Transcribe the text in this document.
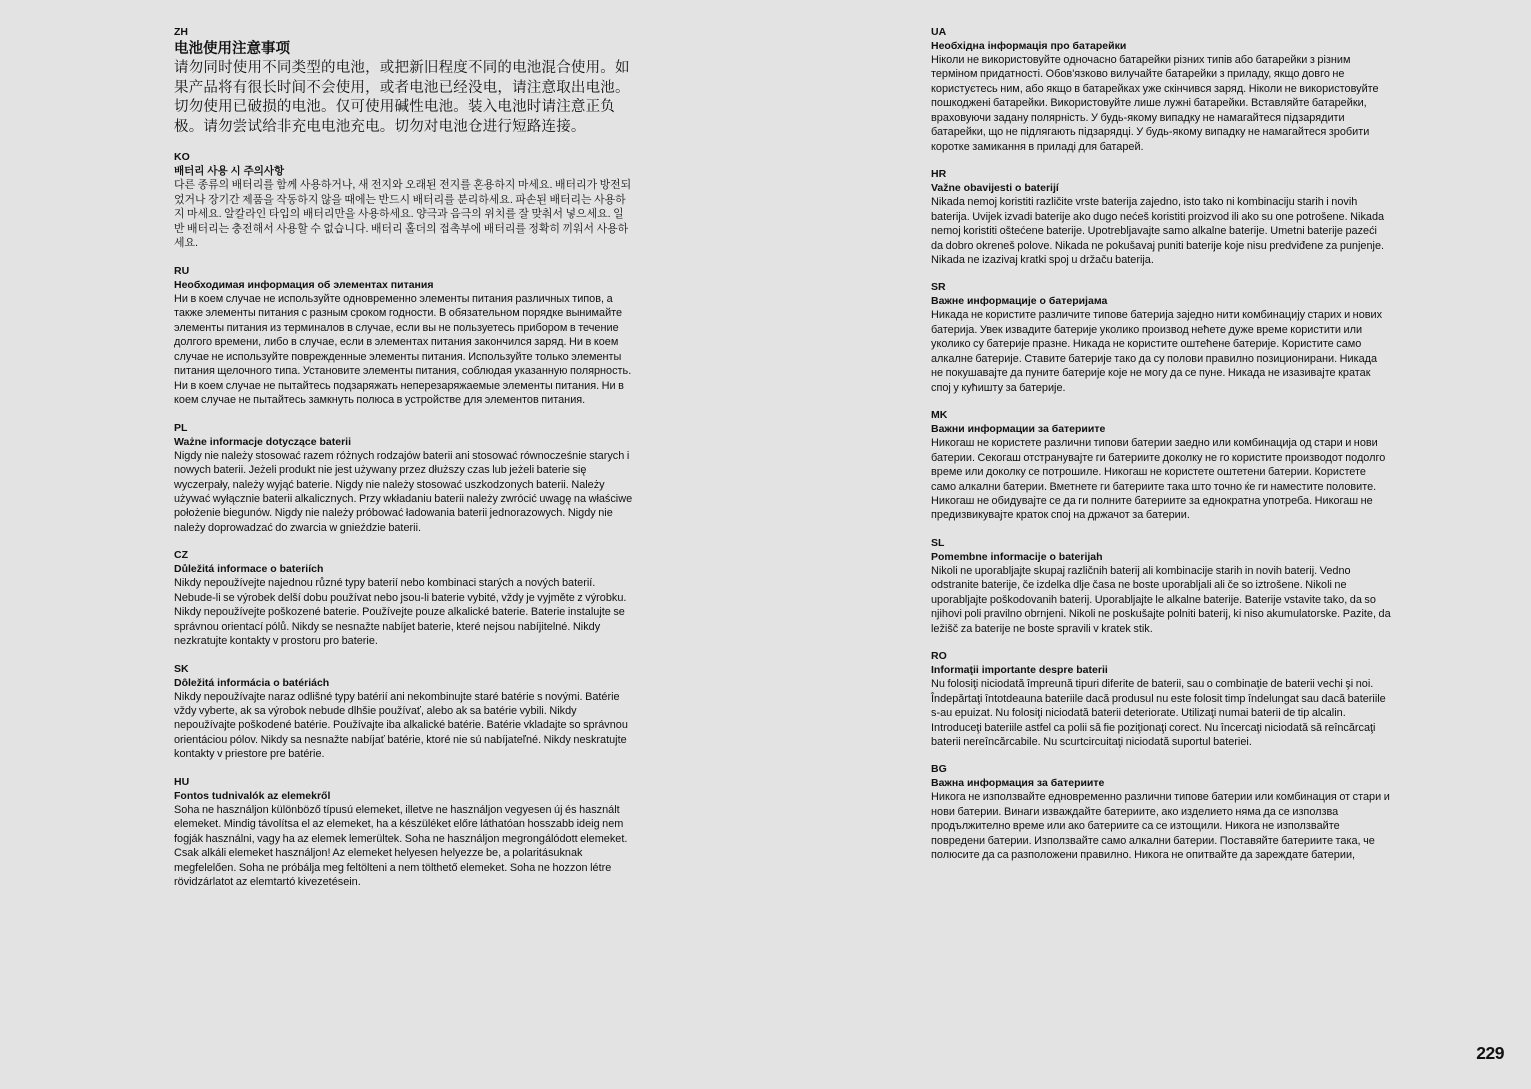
ZH

电池使用注意事项

请勿同时使用不同类型的电池，或把新旧程度不同的电池混合使用。如果产品将有很长时间不会使用，或者电池已经没电，请注意取出电池。切勿使用已破损的电池。仅可使用碱性电池。装入电池时请注意正负极。请勿尝试给非充电电池充电。切勿对电池仓进行短路连接。

KO

배터리 사용 시 주의사항

다른 종류의 배터리를 함께 사용하거나, 새 전지와 오래된 전지를 혼용하지 마세요. 배터리가 방전되었거나 장기간 제품을 작동하지 않을 때에는 반드시 배터리를 분리하세요. 파손된 배터리는 사용하지 마세요. 알칼라인 타입의 배터리만을 사용하세요. 양극과 음극의 위치를 잘 맞춰서 넣으세요. 일반 배터리는 충전해서 사용할 수 없습니다. 배터리 홀더의 접촉부에 배터리를 정확히 끼워서 사용하세요.

RU

Необходимая информация об элементах питания

Ни в коем случае не используйте одновременно элементы питания различных типов, а также элементы питания с разным сроком годности. В обязательном порядке вынимайте элементы питания из терминалов в случае, если вы не пользуетесь прибором в течение долгого времени, либо в случае, если в элементах питания закончился заряд. Ни в коем случае не используйте поврежденные элементы питания. Используйте только элементы питания щелочного типа. Установите элементы питания, соблюдая указанную полярность. Ни в коем случае не пытайтесь подзаряжать неперезаряжаемые элементы питания. Ни в коем случае не пытайтесь замкнуть полюса в устройстве для элементов питания.

PL

Ważne informacje dotyczące baterii

Nigdy nie należy stosować razem różnych rodzajów baterii ani stosować równocześnie starych i nowych baterii. Jeżeli produkt nie jest używany przez dłuższy czas lub jeżeli baterie się wyczerpały, należy wyjąć baterie. Nigdy nie należy stosować uszkodzonych baterii. Należy używać wyłącznie baterii alkalicznych. Przy wkładaniu baterii należy zwrócić uwagę na właściwe położenie biegunów. Nigdy nie należy próbować ładowania baterii jednorazowych. Nigdy nie należy doprowadzać do zwarcia w gnieździe baterii.

CZ

Důležitá informace o bateriích

Nikdy nepoužívejte najednou různé typy baterií nebo kombinaci starých a nových baterií. Nebude-li se výrobek delší dobu používat nebo jsou-li baterie vybité, vždy je vyjměte z výrobku. Nikdy nepoužívejte poškozené baterie. Používejte pouze alkalické baterie. Baterie instalujte se správnou orientací pólů. Nikdy se nesnažte nabíjet baterie, které nejsou nabíjitelné. Nikdy nezkratujte kontakty v prostoru pro baterie.

SK

Dôležitá informácia o batériách

Nikdy nepoužívajte naraz odlišné typy batérií ani nekombinujte staré batérie s novými. Batérie vždy vyberte, ak sa výrobok nebude dlhšie používať, alebo ak sa batérie vybili. Nikdy nepoužívajte poškodené batérie. Používajte iba alkalické batérie. Batérie vkladajte so správnou orientáciou pólov. Nikdy sa nesnažte nabíjať batérie, ktoré nie sú nabíjateľné. Nikdy neskratujte kontakty v priestore pre batérie.

HU

Fontos tudnivalók az elemekről

Soha ne használjon különböző típusú elemeket, illetve ne használjon vegyesen új és használt elemeket. Mindig távolítsa el az elemeket, ha a készüléket előre láthatóan hosszabb ideig nem fogják használni, vagy ha az elemek lemerültek. Soha ne használjon megrongálódott elemeket. Csak alkáli elemeket használjon! Az elemeket helyesen helyezze be, a polaritásuknak megfelelően. Soha ne próbálja meg feltölteni a nem tölthető elemeket. Soha ne hozzon létre rövidzárlatot az elemtartó kivezetésein.

UA

Необхідна інформація про батарейки

Ніколи не використовуйте одночасно батарейки різних типів або батарейки з різним терміном придатності. Обов'язково вилучайте батарейки з приладу, якщо довго не користуєтесь ним, або якщо в батарейках уже скінчився заряд. Ніколи не використовуйте пошкоджені батарейки. Використовуйте лише лужні батарейки. Вставляйте батарейки, враховуючи задану полярність. У будь-якому випадку не намагайтеся підзарядити батарейки, що не підлягають підзарядці. У будь-якому випадку не намагайтеся зробити коротке замикання в приладі для батарей.

HR

Važne obavijesti o baterijí

Nikada nemoj koristiti različite vrste baterija zajedno, isto tako ni kombinaciju starih i novih baterija. Uvijek izvadi baterije ako dugo nećeš koristiti proizvod ili ako su one potrošene. Nikada nemoj koristiti oštećene baterije. Upotrebljavajte samo alkalne baterije. Umetni baterije pazeći da dobro okreneš polove. Nikada ne pokušavaj puniti baterije koje nisu predviđene za punjenje. Nikada ne izazivaj kratki spoj u držaču baterija.

SR

Важне информације о батеријама

Никада не користите различите типове батерија заједно нити комбинацију старих и нових батерија. Увек извадите батерије уколико производ нећете дуже време користити или уколико су батерије празне. Никада не користите оштећене батерије. Користите само алкалне батерије. Ставите батерије тако да су полови правилно позиционирани. Никада не покушавајте да пуните батерије које не могу да се пуне. Никада не изазивајте кратак спој у кућишту за батерије.

MK

Важни информации за батериите

Никогаш не користете различни типови батерии заедно или комбинација од стари и нови батерии. Секогаш отстранувајте ги батериите доколку не го користите производот подолго време или доколку се потрошиле. Никогаш не користете оштетени батерии. Користете само алкални батерии. Вметнете ги батериите така што точно ќе ги наместите половите. Никогаш не обидувајте се да ги полните батериите за еднократна употреба. Никогаш не предизвикувајте краток спој на држачот за батерии.

SL

Pomembne informacije o baterijah

Nikoli ne uporabljajte skupaj različnih baterij ali kombinacije starih in novih baterij. Vedno odstranite baterije, če izdelka dlje časa ne boste uporabljali ali če so iztrošene. Nikoli ne uporabljajte poškodovanih baterij. Uporabljajte le alkalne baterije. Baterije vstavite tako, da so njihovi poli pravilno obrnjeni. Nikoli ne poskušajte polniti baterij, ki niso akumulatorske. Pazite, da ležišč za baterije ne boste spravili v kratek stik.

RO

Informaţii importante despre baterii

Nu folosiţi niciodată împreună tipuri diferite de baterii, sau o combinaţie de baterii vechi şi noi. Îndepărtaţi întotdeauna bateriile dacă produsul nu este folosit timp îndelungat sau dacă bateriile s-au epuizat. Nu folosiţi niciodată baterii deteriorate. Utilizaţi numai baterii de tip alcalin. Introduceţi bateriile astfel ca polii să fie poziţionaţi corect. Nu încercaţi niciodată să reîncărcaţi baterii nereîncărcabile. Nu scurtcircuitaţi niciodată suportul bateriei.

BG

Важна информация за батериите

Никога не използвайте едновременно различни типове батерии или комбинация от стари и нови батерии. Винаги изваждайте батериите, ако изделието няма да се използва продължително време или ако батериите са се изтощили. Никога не използвайте повредени батерии. Използвайте само алкални батерии. Поставяйте батериите така, че полюсите да са разположени правилно. Никога не опитвайте да зареждате батерии,

229
